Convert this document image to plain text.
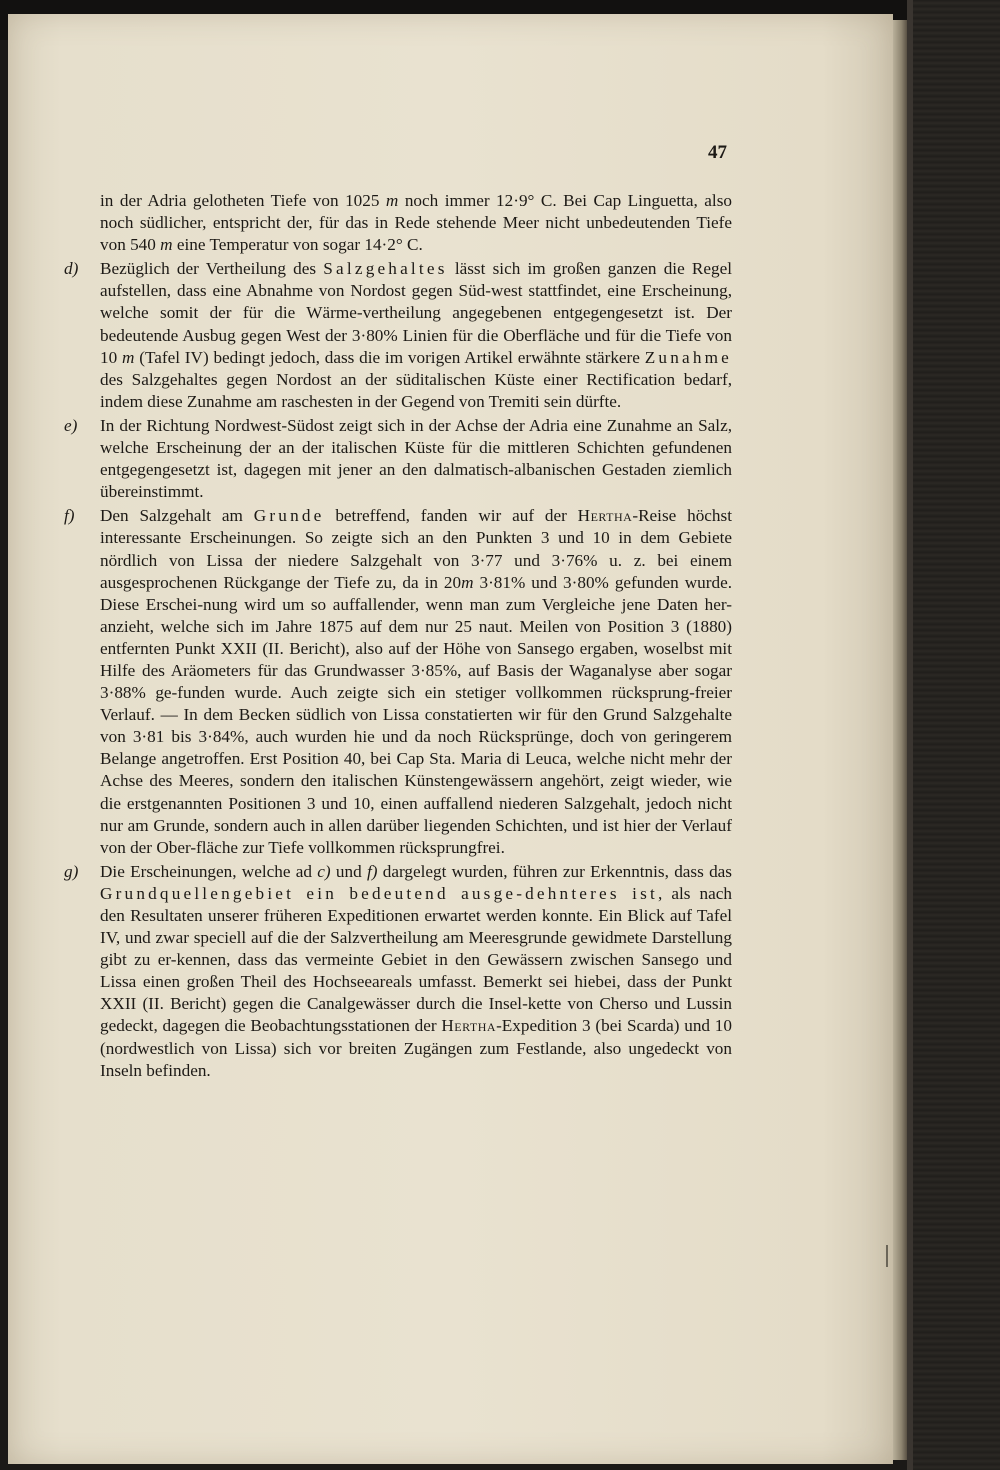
47

in der Adria gelotheten Tiefe von 1025 m noch immer 12·9° C. Bei Cap Linguetta, also noch südlicher, entspricht der, für das in Rede stehende Meer nicht unbedeutenden Tiefe von 540 m eine Temperatur von sogar 14·2° C.

d) Bezüglich der Vertheilung des Salzgehaltes lässt sich im großen ganzen die Regel aufstellen, dass eine Abnahme von Nordost gegen Süd-west stattfindet, eine Erscheinung, welche somit der für die Wärme-vertheilung angegebenen entgegengesetzt ist. Der bedeutende Ausbug gegen West der 3·80% Linien für die Oberfläche und für die Tiefe von 10 m (Tafel IV) bedingt jedoch, dass die im vorigen Artikel erwähnte stärkere Zunahme des Salzgehaltes gegen Nordost an der süditalischen Küste einer Rectification bedarf, indem diese Zunahme am raschesten in der Gegend von Tremiti sein dürfte.

e) In der Richtung Nordwest-Südost zeigt sich in der Achse der Adria eine Zunahme an Salz, welche Erscheinung der an der italischen Küste für die mittleren Schichten gefundenen entgegengesetzt ist, dagegen mit jener an den dalmatisch-albanischen Gestaden ziemlich übereinstimmt.

f) Den Salzgehalt am Grunde betreffend, fanden wir auf der Hertha-Reise höchst interessante Erscheinungen. So zeigte sich an den Punkten 3 und 10 in dem Gebiete nördlich von Lissa der niedere Salzgehalt von 3·77 und 3·76% u. z. bei einem ausgesprochenen Rückgange der Tiefe zu, da in 20m 3·81% und 3·80% gefunden wurde. Diese Erschei-nung wird um so auffallender, wenn man zum Vergleiche jene Daten her-anzieht, welche sich im Jahre 1875 auf dem nur 25 naut. Meilen von Position 3 (1880) entfernten Punkt XXII (II. Bericht), also auf der Höhe von Sansego ergaben, woselbst mit Hilfe des Aräometers für das Grundwasser 3·85%, auf Basis der Waganalyse aber sogar 3·88% ge-funden wurde. Auch zeigte sich ein stetiger vollkommen rücksprung-freier Verlauf. — In dem Becken südlich von Lissa constatierten wir für den Grund Salzgehalte von 3·81 bis 3·84%, auch wurden hie und da noch Rücksprünge, doch von geringerem Belange angetroffen. Erst Position 40, bei Cap Sta. Maria di Leuca, welche nicht mehr der Achse des Meeres, sondern den italischen Künstengewässern angehört, zeigt wieder, wie die erstgenannten Positionen 3 und 10, einen auffallend niederen Salzgehalt, jedoch nicht nur am Grunde, sondern auch in allen darüber liegenden Schichten, und ist hier der Verlauf von der Ober-fläche zur Tiefe vollkommen rücksprungfrei.

g) Die Erscheinungen, welche ad c) und f) dargelegt wurden, führen zur Erkenntnis, dass das Grundquellengebiet ein bedeutend ausge-dehnteres ist, als nach den Resultaten unserer früheren Expeditionen erwartet werden konnte. Ein Blick auf Tafel IV, und zwar speciell auf die der Salzvertheilung am Meeresgrunde gewidmete Darstellung gibt zu er-kennen, dass das vermeinte Gebiet in den Gewässern zwischen Sansego und Lissa einen großen Theil des Hochseeareals umfasst. Bemerkt sei hiebei, dass der Punkt XXII (II. Bericht) gegen die Canalgewässer durch die Insel-kette von Cherso und Lussin gedeckt, dagegen die Beobachtungsstationen der Hertha-Expedition 3 (bei Scarda) und 10 (nordwestlich von Lissa) sich vor breiten Zugängen zum Festlande, also ungedeckt von Inseln befinden.
